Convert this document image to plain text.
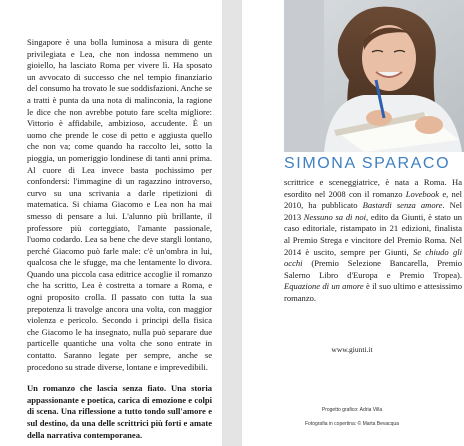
Singapore è una bolla luminosa a misura di gente privilegiata e Lea, che non indossa nemmeno un gioiello, ha lasciato Roma per vivere lì. Ha sposato un avvocato di successo che nel tempio finanziario del consumo ha trovato le sue soddisfazioni. Anche se a tratti è punta da una nota di malinconia, la ragione le dice che non avrebbe potuto fare scelta migliore: Vittorio è affidabile, ambizioso, accudente. È un uomo che prende le cose di petto e aggiusta quello che non va; come quando ha raccolto lei, sotto la pioggia, un pomeriggio londinese di tanti anni prima. Al cuore di Lea invece basta pochissimo per confondersi: l'immagine di un ragazzino introverso, curvo su una scrivania a darle ripetizioni di matematica. Si chiama Giacomo e Lea non ha mai smesso di pensare a lui. L'alunno più brillante, il professore più corteggiato, l'amante passionale, l'uomo codardo. Lea sa bene che deve stargli lontano, perché Giacomo può farle male: c'è un'ombra in lui, qualcosa che le sfugge, ma che lentamente lo divora. Quando una piccola casa editrice accoglie il romanzo che ha scritto, Lea è costretta a tornare a Roma, e ogni proposito crolla. Il passato con tutta la sua prepotenza li travolge ancora una volta, con maggior violenza e pericolo. Secondo i principi della fisica che Giacomo le ha insegnato, nulla può separare due particelle quantiche una volta che sono entrate in contatto. Saranno legate per sempre, anche se procedono su strade diverse, lontane e imprevedibili.

Un romanzo che lascia senza fiato. Una storia appassionante e poetica, carica di emozione e colpi di scena. Una riflessione a tutto tondo sull'amore e sul destino, da una delle scrittrici più forti e amate della narrativa contemporanea.

SIMONA SPARACO

scrittrice e sceneggiatrice, è nata a Roma. Ha esordito nel 2008 con il romanzo Lovebook e, nel 2010, ha pubblicato Bastardi senza amore. Nel 2013 Nessuno sa di noi, edito da Giunti, è stato un caso editoriale, ristampato in 21 edizioni, finalista al Premio Strega e vincitore del Premio Roma. Nel 2014 è uscito, sempre per Giunti, Se chiudo gli occhi (Premio Selezione Bancarella, Premio Salerno Libro d'Europa e Premio Tropea). Equazione di un amore è il suo ultimo e attesissimo romanzo.

www.giunti.it
Progetto grafico: Adria Villa
Fotografia in copertina: © Marta Bevacqua
